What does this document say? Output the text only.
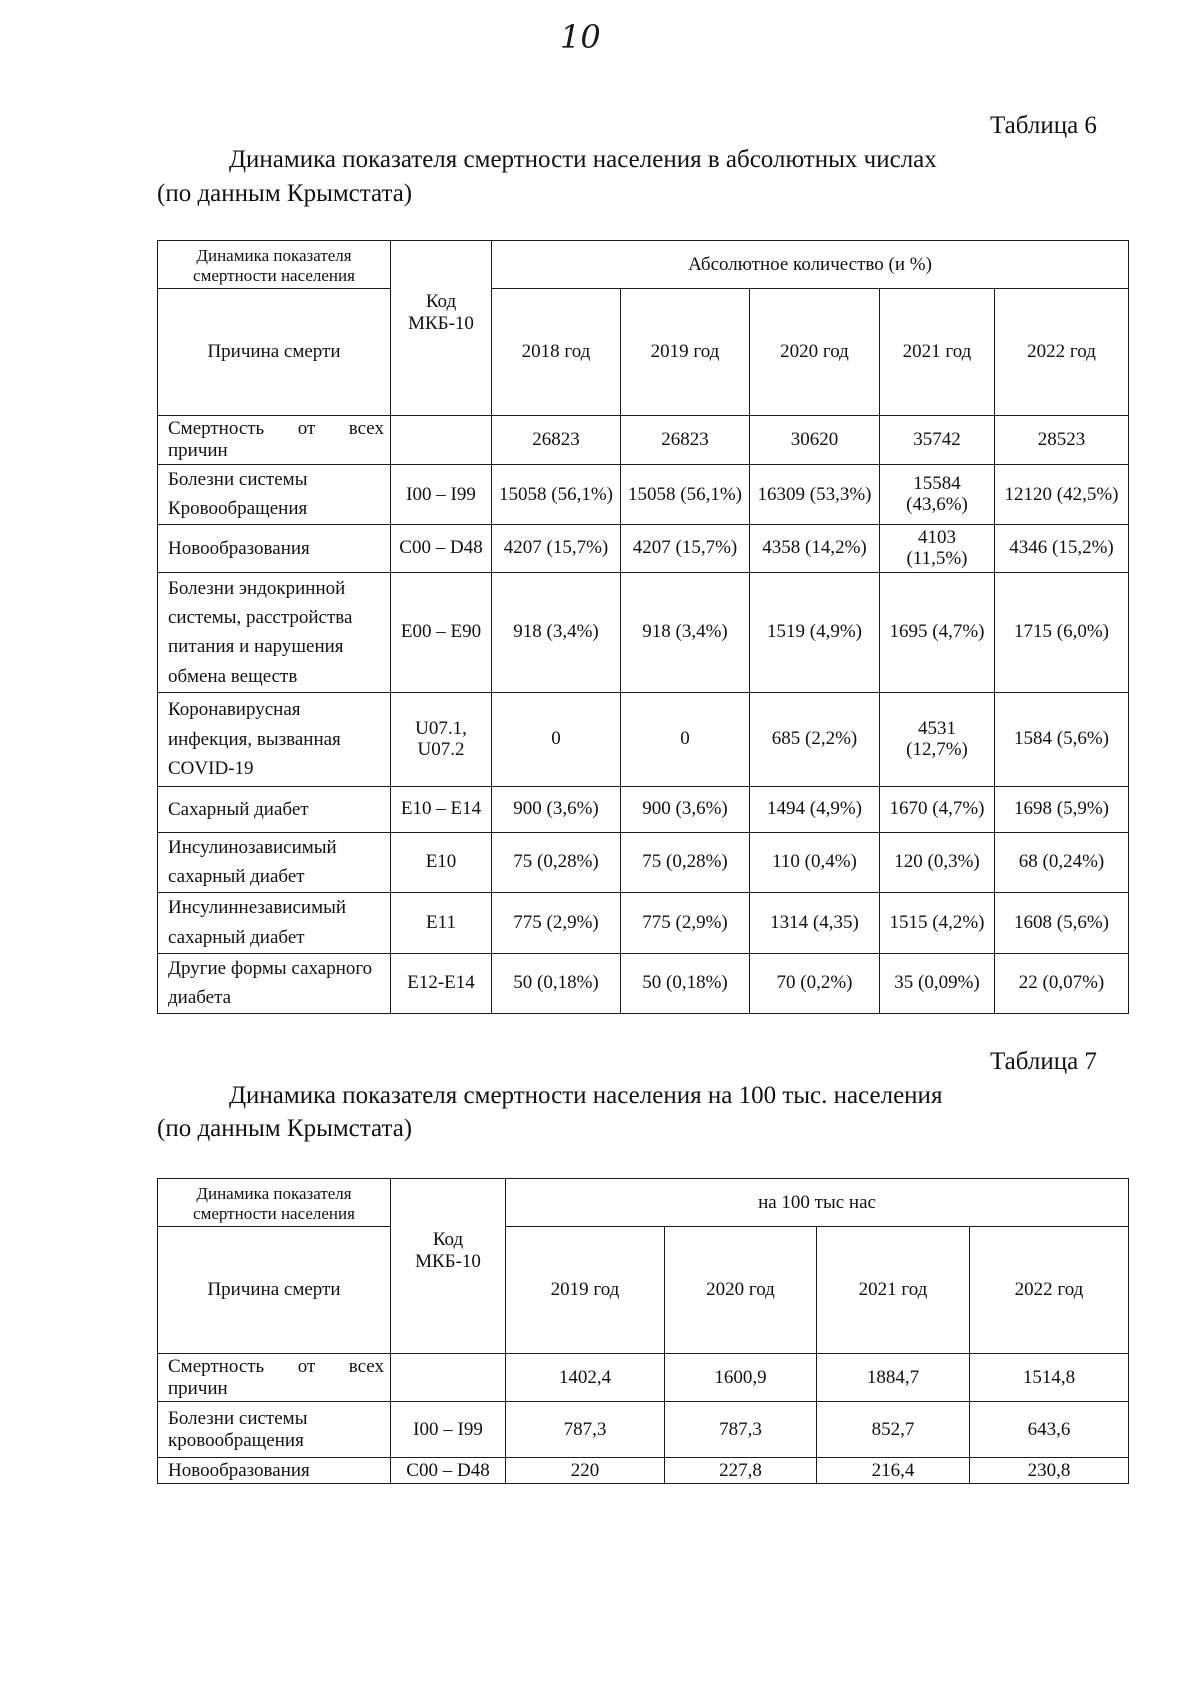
10
Таблица 6
Динамика показателя смертности населения в абсолютных числах
(по данным Крымстата)
Динамика показателя смертности населения	Код МКБ-10	Абсолютное количество (и %)				
Причина смерти		2018 год	2019 год	2020 год	2021 год	2022 год

Смертность от всех
причин		26823	26823	30620	35742	28523
Болезни системы Кровообращения	I00 – I99	15058 (56,1%)	15058 (56,1%)	16309 (53,3%)	15584 (43,6%)	12120 (42,5%)
Новообразования	C00 – D48	4207 (15,7%)	4207 (15,7%)	4358 (14,2%)	4103 (11,5%)	4346 (15,2%)
Болезни эндокринной системы, расстройства питания и нарушения обмена веществ	E00 – E90	918 (3,4%)	918 (3,4%)	1519 (4,9%)	1695 (4,7%)	1715 (6,0%)
Коронавирусная инфекция, вызванная COVID-19	U07.1, U07.2	0	0	685 (2,2%)	4531 (12,7%)	1584 (5,6%)
Сахарный диабет	E10 – E14	900 (3,6%)	900 (3,6%)	1494 (4,9%)	1670 (4,7%)	1698 (5,9%)
Инсулинозависимый сахарный диабет	E10	75 (0,28%)	75 (0,28%)	110 (0,4%)	120 (0,3%)	68 (0,24%)
Инсулиннезависимый сахарный диабет	E11	775 (2,9%)	775 (2,9%)	1314 (4,35)	1515 (4,2%)	1608 (5,6%)
Другие формы сахарного диабета	E12-E14	50 (0,18%)	50 (0,18%)	70 (0,2%)	35 (0,09%)	22 (0,07%)
Таблица 7
Динамика показателя смертности населения на 100 тыс. населения
(по данным Крымстата)
Динамика показателя смертности населения	Код МКБ-10	на 100 тыс нас			
Причина смерти		2019 год	2020 год	2021 год	2022 год

Смертность от всех
причин		1402,4	1600,9	1884,7	1514,8
Болезни системы кровообращения	I00 – I99	787,3	787,3	852,7	643,6
Новообразования	C00 – D48	220	227,8	216,4	230,8
